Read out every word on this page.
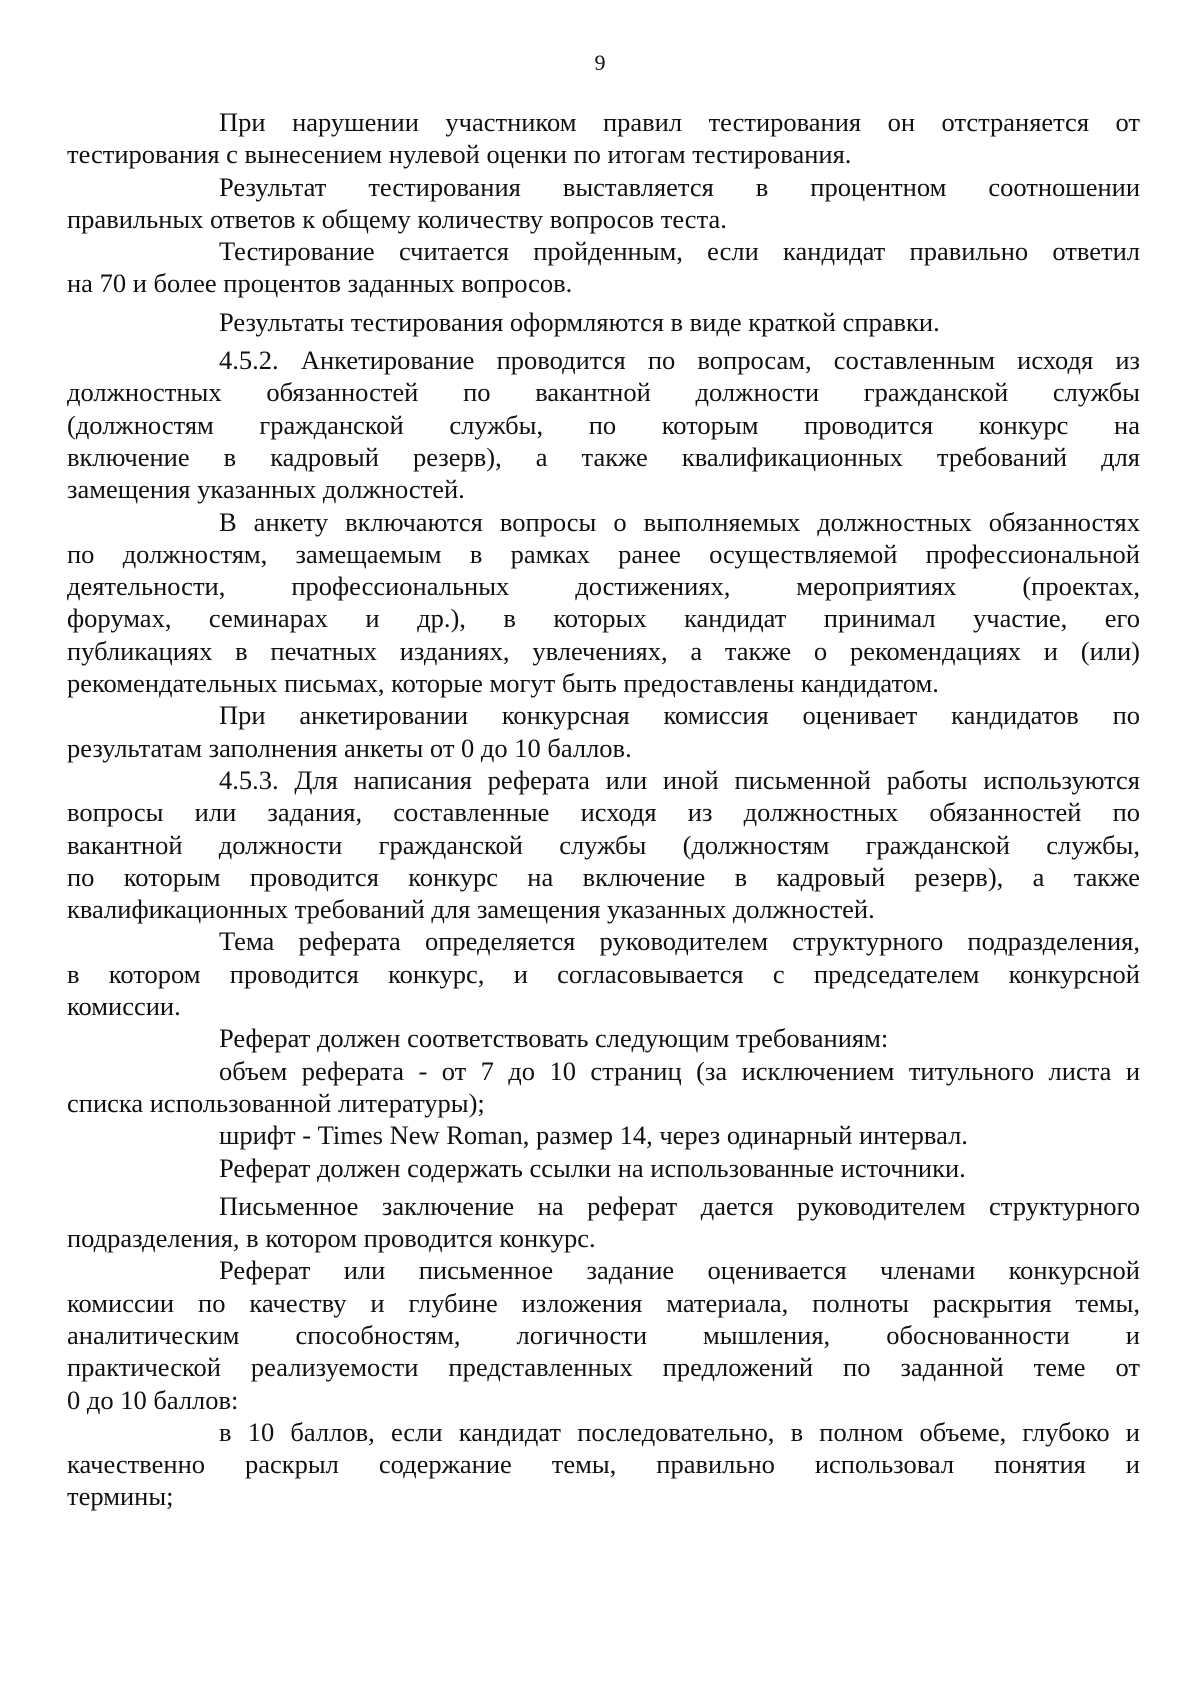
9

При нарушении участником правил тестирования он отстраняется от
тестирования с вынесением нулевой оценки по итогам тестирования.

Результат тестирования выставляется в процентном соотношении
правильных ответов к общему количеству вопросов теста.

Тестирование считается пройденным, если кандидат правильно ответил
на 70 и более процентов заданных вопросов.

Результаты тестирования оформляются в виде краткой справки.

4.5.2. Анкетирование проводится по вопросам, составленным исходя из
должностных обязанностей по вакантной должности гражданской службы
(должностям гражданской службы, по которым проводится конкурс на
включение в кадровый резерв), а также квалификационных требований для
замещения указанных должностей.

В анкету включаются вопросы о выполняемых должностных обязанностях
по должностям, замещаемым в рамках ранее осуществляемой профессиональной
деятельности, профессиональных достижениях, мероприятиях (проектах,
форумах, семинарах и др.), в которых кандидат принимал участие, его
публикациях в печатных изданиях, увлечениях, а также о рекомендациях и (или)
рекомендательных письмах, которые могут быть предоставлены кандидатом.

При анкетировании конкурсная комиссия оценивает кандидатов по
результатам заполнения анкеты от 0 до 10 баллов.

4.5.3. Для написания реферата или иной письменной работы используются
вопросы или задания, составленные исходя из должностных обязанностей по
вакантной должности гражданской службы (должностям гражданской службы,
по которым проводится конкурс на включение в кадровый резерв), а также
квалификационных требований для замещения указанных должностей.

Тема реферата определяется руководителем структурного подразделения,
в котором проводится конкурс, и согласовывается с председателем конкурсной
комиссии.

Реферат должен соответствовать следующим требованиям:

объем реферата - от 7 до 10 страниц (за исключением титульного листа и
списка использованной литературы);

шрифт - Times New Roman, размер 14, через одинарный интервал.

Реферат должен содержать ссылки на использованные источники.

Письменное заключение на реферат дается руководителем структурного
подразделения, в котором проводится конкурс.

Реферат или письменное задание оценивается членами конкурсной
комиссии по качеству и глубине изложения материала, полноты раскрытия темы,
аналитическим способностям, логичности мышления, обоснованности и
практической реализуемости представленных предложений по заданной теме от
0 до 10 баллов:

в 10 баллов, если кандидат последовательно, в полном объеме, глубоко и
качественно раскрыл содержание темы, правильно использовал понятия и
термины;
